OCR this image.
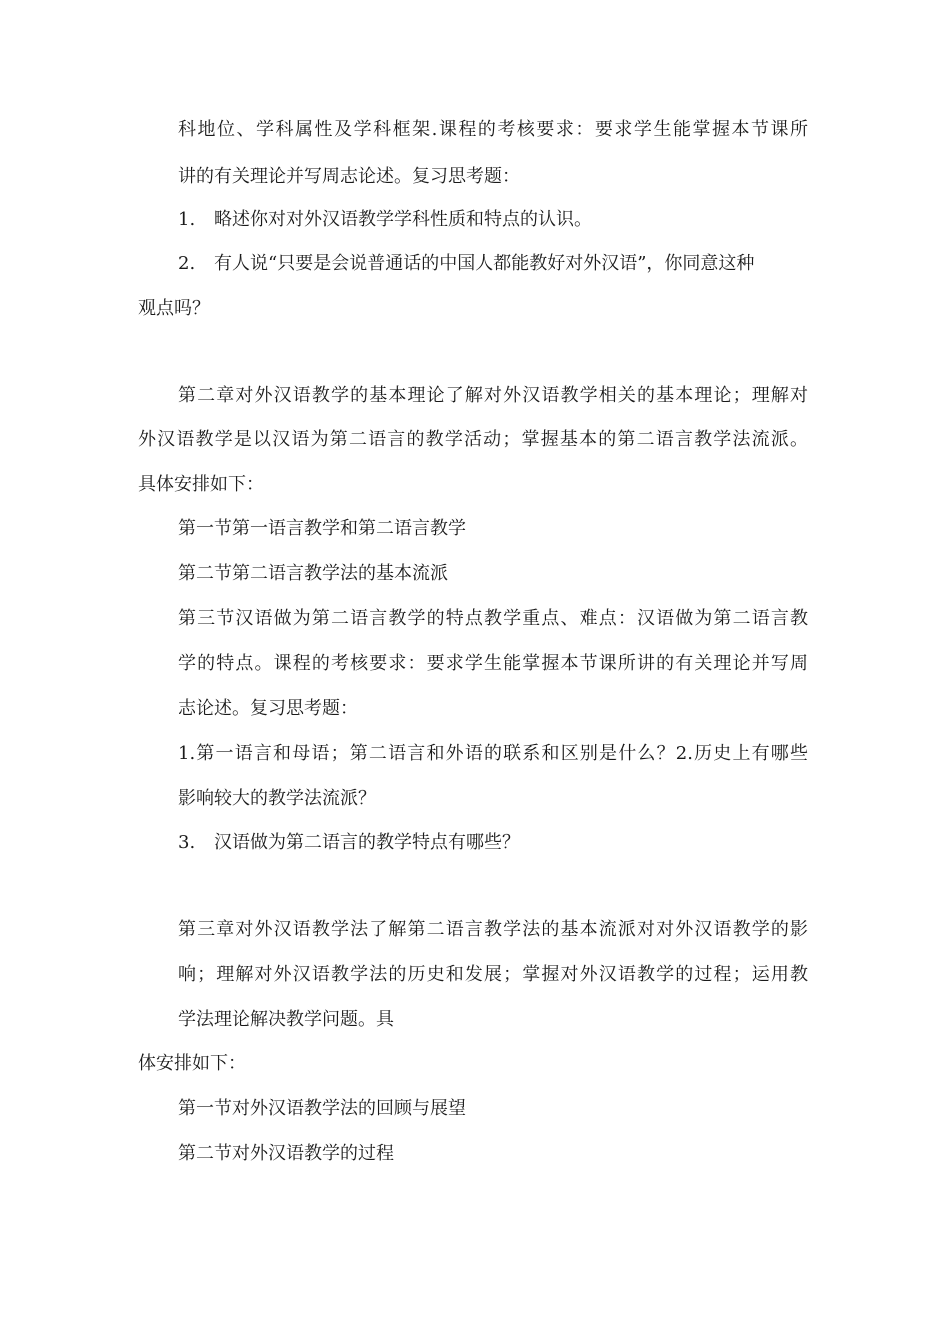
科地位、学科属性及学科框架.课程的考核要求：要求学生能掌握本节课所
讲的有关理论并写周志论述。复习思考题：
1. 略述你对对外汉语教学学科性质和特点的认识。
2. 有人说“只要是会说普通话的中国人都能教好对外汉语”，你同意这种
观点吗？
第二章对外汉语教学的基本理论了解对外汉语教学相关的基本理论；理解对
外汉语教学是以汉语为第二语言的教学活动；掌握基本的第二语言教学法流派。
具体安排如下：
第一节第一语言教学和第二语言教学
第二节第二语言教学法的基本流派
第三节汉语做为第二语言教学的特点教学重点、难点：汉语做为第二语言教
学的特点。课程的考核要求：要求学生能掌握本节课所讲的有关理论并写周
志论述。复习思考题：
1.第一语言和母语；第二语言和外语的联系和区别是什么？2.历史上有哪些
影响较大的教学法流派？
3. 汉语做为第二语言的教学特点有哪些？
第三章对外汉语教学法了解第二语言教学法的基本流派对对外汉语教学的影
响；理解对外汉语教学法的历史和发展；掌握对外汉语教学的过程；运用教
学法理论解决教学问题。具
体安排如下：
第一节对外汉语教学法的回顾与展望
第二节对外汉语教学的过程
